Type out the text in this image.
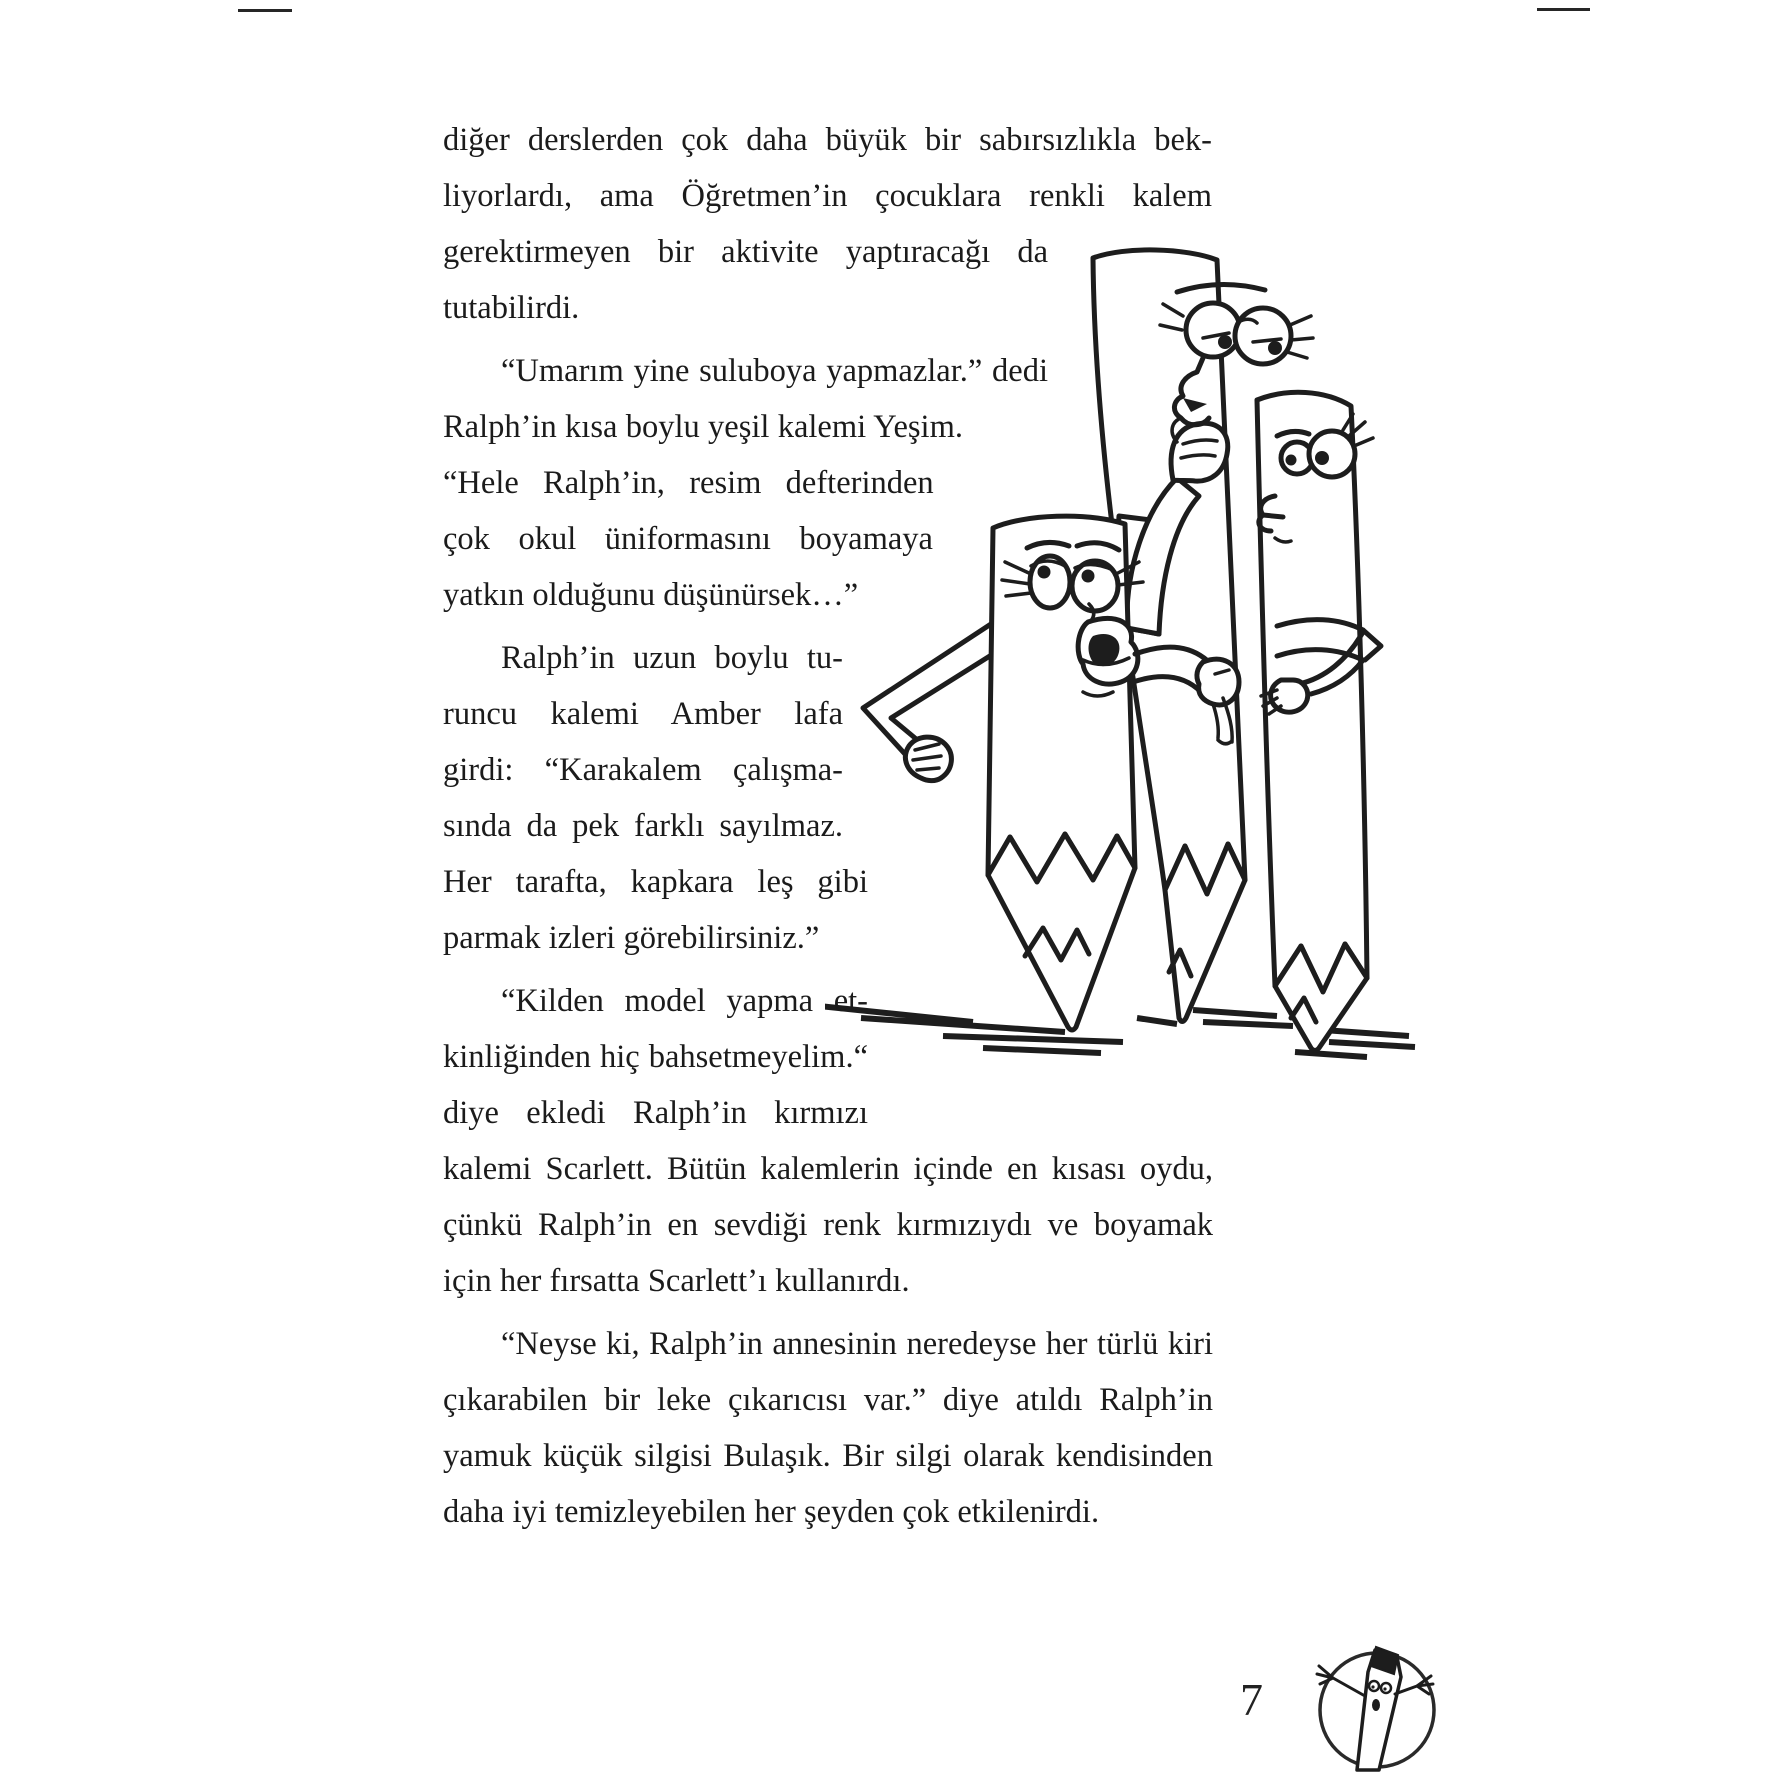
diğer derslerden çok daha büyük bir sabırsızlıkla bekliyorlardı, ama Öğretmen’in çocuklara renkli kalem gerektirmeyen bir aktivite yaptıracağı da tutabilirdi.

“Umarım yine suluboya yapmazlar.” dedi Ralph’in kısa boylu yeşil kalemi Yeşim. “Hele Ralph’in, resim defterinden çok okul üniformasını boyamaya yatkın olduğunu düşünürsek…”

Ralph’in uzun boylu turuncu kalemi Amber lafa girdi: “Karakalem çalışmasında da pek farklı sayılmaz. Her tarafta, kapkara leş gibi parmak izleri görebilirsiniz.”

“Kilden model yapma etkinliğinden hiç bahsetmeyelim.“ diye ekledi Ralph’in kırmızı kalemi Scarlett. Bütün kalemlerin içinde en kısası oydu, çünkü Ralph’in en sevdiği renk kırmızıydı ve boyamak için her fırsatta Scarlett’ı kullanırdı.

“Neyse ki, Ralph’in annesinin neredeyse her türlü kiri çıkarabilen bir leke çıkarıcısı var.” diye atıldı Ralph’in yamuk küçük silgisi Bulaşık. Bir silgi olarak kendisinden daha iyi temizleyebilen her şeyden çok etkilenirdi.

7
